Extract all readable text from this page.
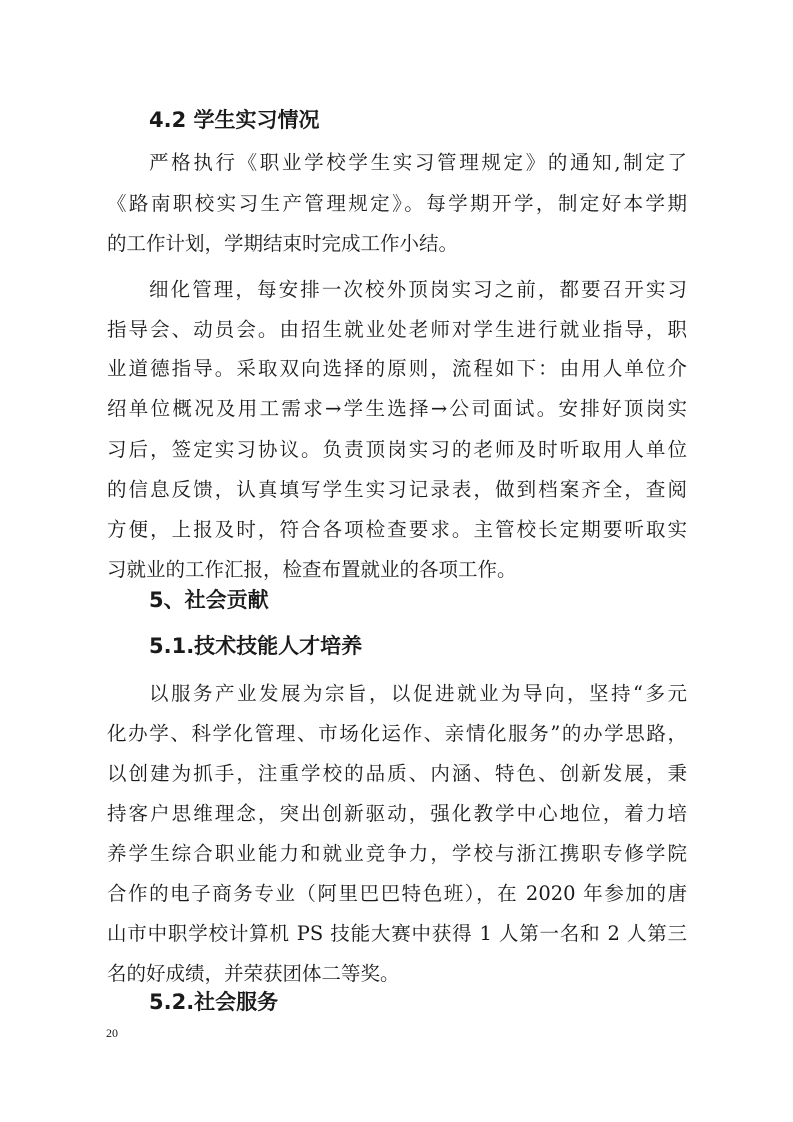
4.2 学生实习情况
严格执行《职业学校学生实习管理规定》的通知,制定了
《路南职校实习生产管理规定》。每学期开学，制定好本学期
的工作计划，学期结束时完成工作小结。
细化管理，每安排一次校外顶岗实习之前，都要召开实习
指导会、动员会。由招生就业处老师对学生进行就业指导，职
业道德指导。采取双向选择的原则，流程如下：由用人单位介
绍单位概况及用工需求→学生选择→公司面试。安排好顶岗实
习后，签定实习协议。负责顶岗实习的老师及时听取用人单位
的信息反馈，认真填写学生实习记录表，做到档案齐全，查阅
方便，上报及时，符合各项检查要求。主管校长定期要听取实
习就业的工作汇报，检查布置就业的各项工作。
5、社会贡献
5.1.技术技能人才培养
以服务产业发展为宗旨，以促进就业为导向，坚持“多元
化办学、科学化管理、市场化运作、亲情化服务”的办学思路，
以创建为抓手，注重学校的品质、内涵、特色、创新发展，秉
持客户思维理念，突出创新驱动，强化教学中心地位，着力培
养学生综合职业能力和就业竞争力，学校与浙江携职专修学院
合作的电子商务专业（阿里巴巴特色班），在 2020 年参加的唐
山市中职学校计算机 PS 技能大赛中获得 1 人第一名和 2 人第三
名的好成绩，并荣获团体二等奖。
5.2.社会服务
20
